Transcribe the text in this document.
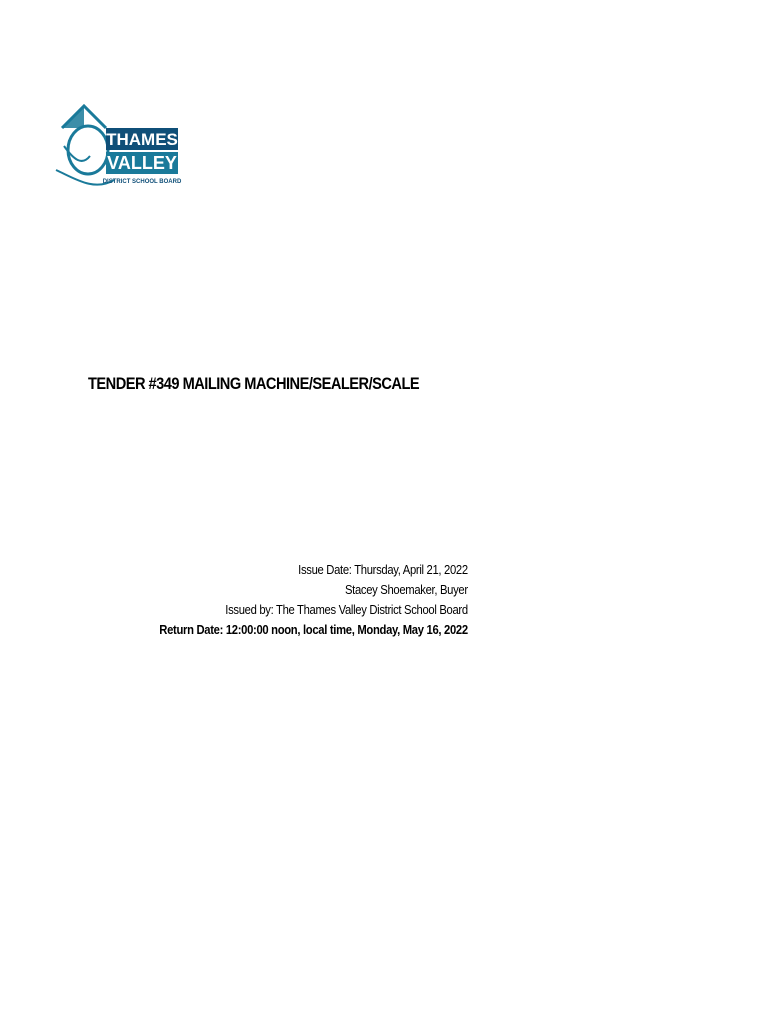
THAMES
VALLEY
DISTRICT SCHOOL BOARD
TENDER #349 MAILING MACHINE/SEALER/SCALE
Issue Date: Thursday, April 21, 2022
Stacey Shoemaker, Buyer
Issued by: The Thames Valley District School Board
Return Date: 12:00:00 noon, local time, Monday, May 16, 2022
